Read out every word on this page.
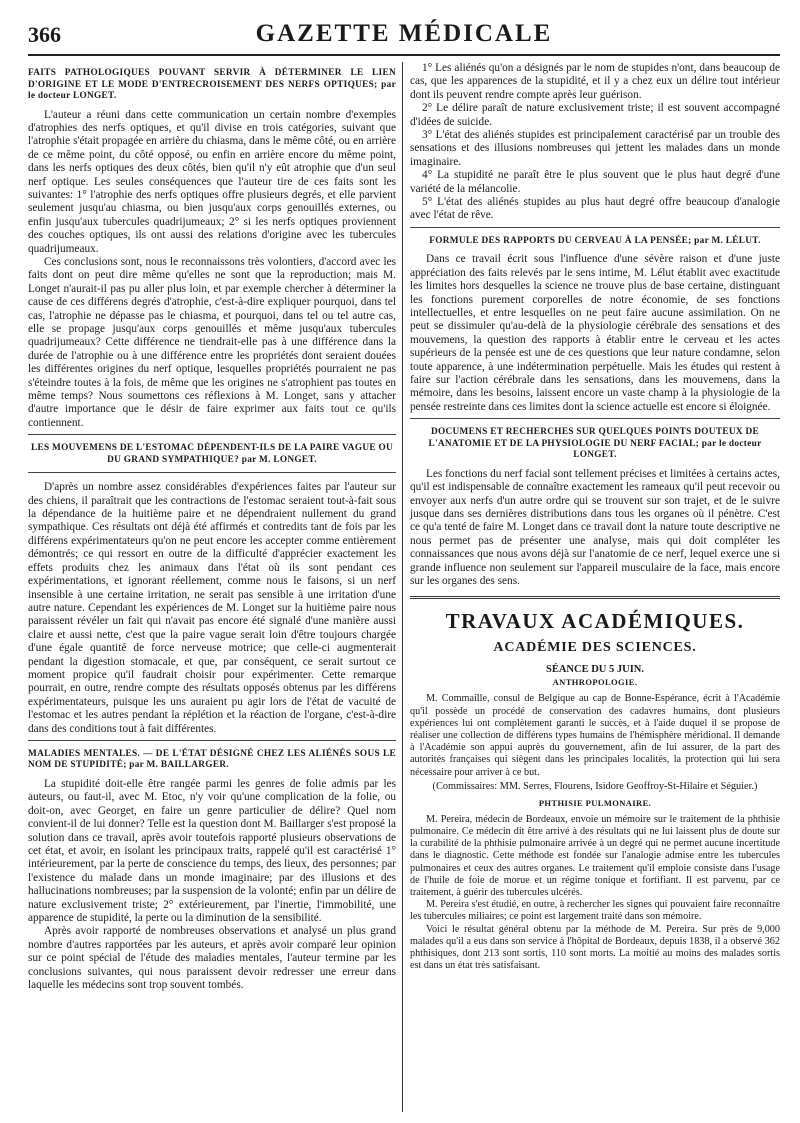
366	GAZETTE MÉDICALE
FAITS PATHOLOGIQUES POUVANT SERVIR À DÉTERMINER LE LIEN D'ORIGINE ET LE MODE D'ENTRECROISEMENT DES NERFS OPTIQUES; par le docteur LONGET.

L'auteur a réuni dans cette communication un certain nombre d'exemples d'atrophies des nerfs optiques, et qu'il divise en trois catégories, suivant que l'atrophie s'était propagée en arrière du chiasma, dans le même côté, ou en arrière de ce même point, du côté opposé, ou enfin en arrière encore du même point, dans les nerfs optiques des deux côtés, bien qu'il n'y eût atrophie que d'un seul nerf optique. Les seules conséquences que l'auteur tire de ces faits sont les suivantes: 1° l'atrophie des nerfs optiques offre plusieurs degrés, et elle parvient seulement jusqu'au chiasma, ou bien jusqu'aux corps genouillés externes, ou enfin jusqu'aux tubercules quadrijumeaux; 2° si les nerfs optiques proviennent des couches optiques, ils ont aussi des relations d'origine avec les tubercules quadrijumeaux.

Ces conclusions sont, nous le reconnaissons très volontiers, d'accord avec les faits dont on peut dire même qu'elles ne sont que la reproduction; mais M. Longet n'aurait-il pas pu aller plus loin, et par exemple chercher à déterminer la cause de ces différens degrés d'atrophie, c'est-à-dire expliquer pourquoi, dans tel cas, l'atrophie ne dépasse pas le chiasma, et pourquoi, dans tel ou tel autre cas, elle se propage jusqu'aux corps genouillés et même jusqu'aux tubercules quadrijumeaux? Cette différence ne tiendrait-elle pas à une différence dans la durée de l'atrophie ou à une différence entre les propriétés dont seraient douées les différentes origines du nerf optique, lesquelles propriétés pourraient ne pas s'éteindre toutes à la fois, de même que les origines ne s'atrophient pas toutes en même temps? Nous soumettons ces réflexions à M. Longet, sans y attacher d'autre importance que le désir de faire exprimer aux faits tout ce qu'ils contiennent.

LES MOUVEMENS DE L'ESTOMAC DÉPENDENT-ILS DE LA PAIRE VAGUE OU DU GRAND SYMPATHIQUE? par M. LONGET.

D'après un nombre assez considérables d'expériences faites par l'auteur sur des chiens, il paraîtrait que les contractions de l'estomac seraient tout-à-fait sous la dépendance de la huitième paire et ne dépendraient nullement du grand sympathique. Ces résultats ont déjà été affirmés et contredits tant de fois par les différens expérimentateurs qu'on ne peut encore les accepter comme entièrement démontrés; ce qui ressort en outre de la difficulté d'apprécier exactement les effets produits chez les animaux dans l'état où ils sont pendant ces expérimentations, et ignorant réellement, comme nous le faisons, si un nerf insensible à une certaine irritation, ne serait pas sensible à une irritation d'une autre nature. Cependant les expériences de M. Longet sur la huitième paire nous paraissent révéler un fait qui n'avait pas encore été signalé d'une manière aussi claire et aussi nette, c'est que la paire vague serait loin d'être toujours chargée d'une égale quantité de force nerveuse motrice; que celle-ci augmenterait pendant la digestion stomacale, et que, par conséquent, ce serait surtout ce moment propice qu'il faudrait choisir pour expérimenter. Cette remarque pourrait, en outre, rendre compte des résultats opposés obtenus par les différens expérimentateurs, puisque les uns auraient pu agir lors de l'état de vacuité de l'estomac et les autres pendant la réplétion et la réaction de l'organe, c'est-à-dire dans des conditions tout à fait différentes.

MALADIES MENTALES. — DE L'ÉTAT DÉSIGNÉ CHEZ LES ALIÉNÉS SOUS LE NOM DE STUPIDITÉ; par M. BAILLARGER.

La stupidité doit-elle être rangée parmi les genres de folie admis par les auteurs, ou faut-il, avec M. Etoc, n'y voir qu'une complication de la folie, ou doit-on, avec Georget, en faire un genre particulier de délire? Quel nom convient-il de lui donner? Telle est la question dont M. Baillarger s'est proposé la solution dans ce travail, après avoir toutefois rapporté plusieurs observations de cet état, et avoir, en isolant les principaux traits, rappelé qu'il est caractérisé 1° intérieurement, par la perte de conscience du temps, des lieux, des personnes; par l'existence du malade dans un monde imaginaire; par des illusions et des hallucinations nombreuses; par la suspension de la volonté; enfin par un délire de nature exclusivement triste; 2° extérieurement, par l'inertie, l'immobilité, une apparence de stupidité, la perte ou la diminution de la sensibilité.

Après avoir rapporté de nombreuses observations et analysé un plus grand nombre d'autres rapportées par les auteurs, et après avoir comparé leur opinion sur ce point spécial de l'étude des maladies mentales, l'auteur termine par les conclusions suivantes, qui nous paraissent devoir redresser une erreur dans laquelle les médecins sont trop souvent tombés.

1° Les aliénés qu'on a désignés par le nom de stupides n'ont, dans beaucoup de cas, que les apparences de la stupidité, et il y a chez eux un délire tout intérieur dont ils peuvent rendre compte après leur guérison.

2° Le délire paraît de nature exclusivement triste; il est souvent accompagné d'idées de suicide.

3° L'état des aliénés stupides est principalement caractérisé par un trouble des sensations et des illusions nombreuses qui jettent les malades dans un monde imaginaire.

4° La stupidité ne paraît être le plus souvent que le plus haut degré d'une variété de la mélancolie.

5° L'état des aliénés stupides au plus haut degré offre beaucoup d'analogie avec l'état de rêve.

FORMULE DES RAPPORTS DU CERVEAU À LA PENSÉE; par M. LÉLUT.

Dans ce travail écrit sous l'influence d'une sévère raison et d'une juste appréciation des faits relevés par le sens intime, M. Lélut établit avec exactitude les limites hors desquelles la science ne trouve plus de base certaine, distinguant les fonctions purement corporelles de notre économie, de ses fonctions intellectuelles, et entre lesquelles on ne peut faire aucune assimilation. On ne peut se dissimuler qu'au-delà de la physiologie cérébrale des sensations et des mouvemens, la question des rapports à établir entre le cerveau et les actes supérieurs de la pensée est une de ces questions que leur nature condamne, selon toute apparence, à une indétermination perpétuelle. Mais les études qui restent à faire sur l'action cérébrale dans les sensations, dans les mouvemens, dans la mémoire, dans les besoins, laissent encore un vaste champ à la physiologie de la pensée restreinte dans ces limites dont la science actuelle est encore si éloignée.

DOCUMENS ET RECHERCHES SUR QUELQUES POINTS DOUTEUX DE L'ANATOMIE ET DE LA PHYSIOLOGIE DU NERF FACIAL; par le docteur LONGET.

Les fonctions du nerf facial sont tellement précises et limitées à certains actes, qu'il est indispensable de connaître exactement les rameaux qu'il peut recevoir ou envoyer aux nerfs d'un autre ordre qui se trouvent sur son trajet, et de le suivre jusque dans ses dernières distributions dans tous les organes où il pénètre. C'est ce qu'a tenté de faire M. Longet dans ce travail dont la nature toute descriptive ne nous permet pas de présenter une analyse, mais qui doit compléter les connaissances que nous avons déjà sur l'anatomie de ce nerf, lequel exerce une si grande influence non seulement sur l'appareil musculaire de la face, mais encore sur les organes des sens.

TRAVAUX ACADÉMIQUES.
ACADÉMIE DES SCIENCES.
SÉANCE DU 5 JUIN.
ANTHROPOLOGIE.

M. Commaille, consul de Belgique au cap de Bonne-Espérance, écrit à l'Académie qu'il possède un procédé de conservation des cadavres humains, dont plusieurs expériences lui ont complètement garanti le succès, et à l'aide duquel il se propose de réaliser une collection de différens types humains de l'hémisphère méridional. Il demande à l'Académie son appui auprès du gouvernement, afin de lui assurer, de la part des autorités françaises qui siègent dans les principales localités, la protection qui lui sera nécessaire pour arriver à ce but.

(Commissaires: MM. Serres, Flourens, Isidore Geoffroy-St-Hilaire et Séguier.)
PHTHISIE PULMONAIRE.

M. Pereira, médecin de Bordeaux, envoie un mémoire sur le traitement de la phthisie pulmonaire. Ce médecin dit être arrivé à des résultats qui ne lui laissent plus de doute sur la curabilité de la phthisie pulmonaire arrivée à un degré qui ne permet aucune incertitude dans le diagnostic. Cette méthode est fondée sur l'analogie admise entre les tubercules pulmonaires et ceux des autres organes. Le traitement qu'il emploie consiste dans l'usage de l'huile de foie de morue et un régime tonique et fortifiant. Il est parvenu, par ce traitement, à guérir des tubercules ulcérés.

M. Pereira s'est étudié, en outre, à rechercher les signes qui pouvaient faire reconnaître les tubercules miliaires; ce point est largement traité dans son mémoire.

Voici le résultat général obtenu par la méthode de M. Pereira. Sur près de 9,000 malades qu'il a eus dans son service à l'hôpital de Bordeaux, depuis 1838, il a observé 362 phthisiques, dont 213 sont sortis, 110 sont morts. La moitié au moins des malades sortis est dans un état très satisfaisant.
